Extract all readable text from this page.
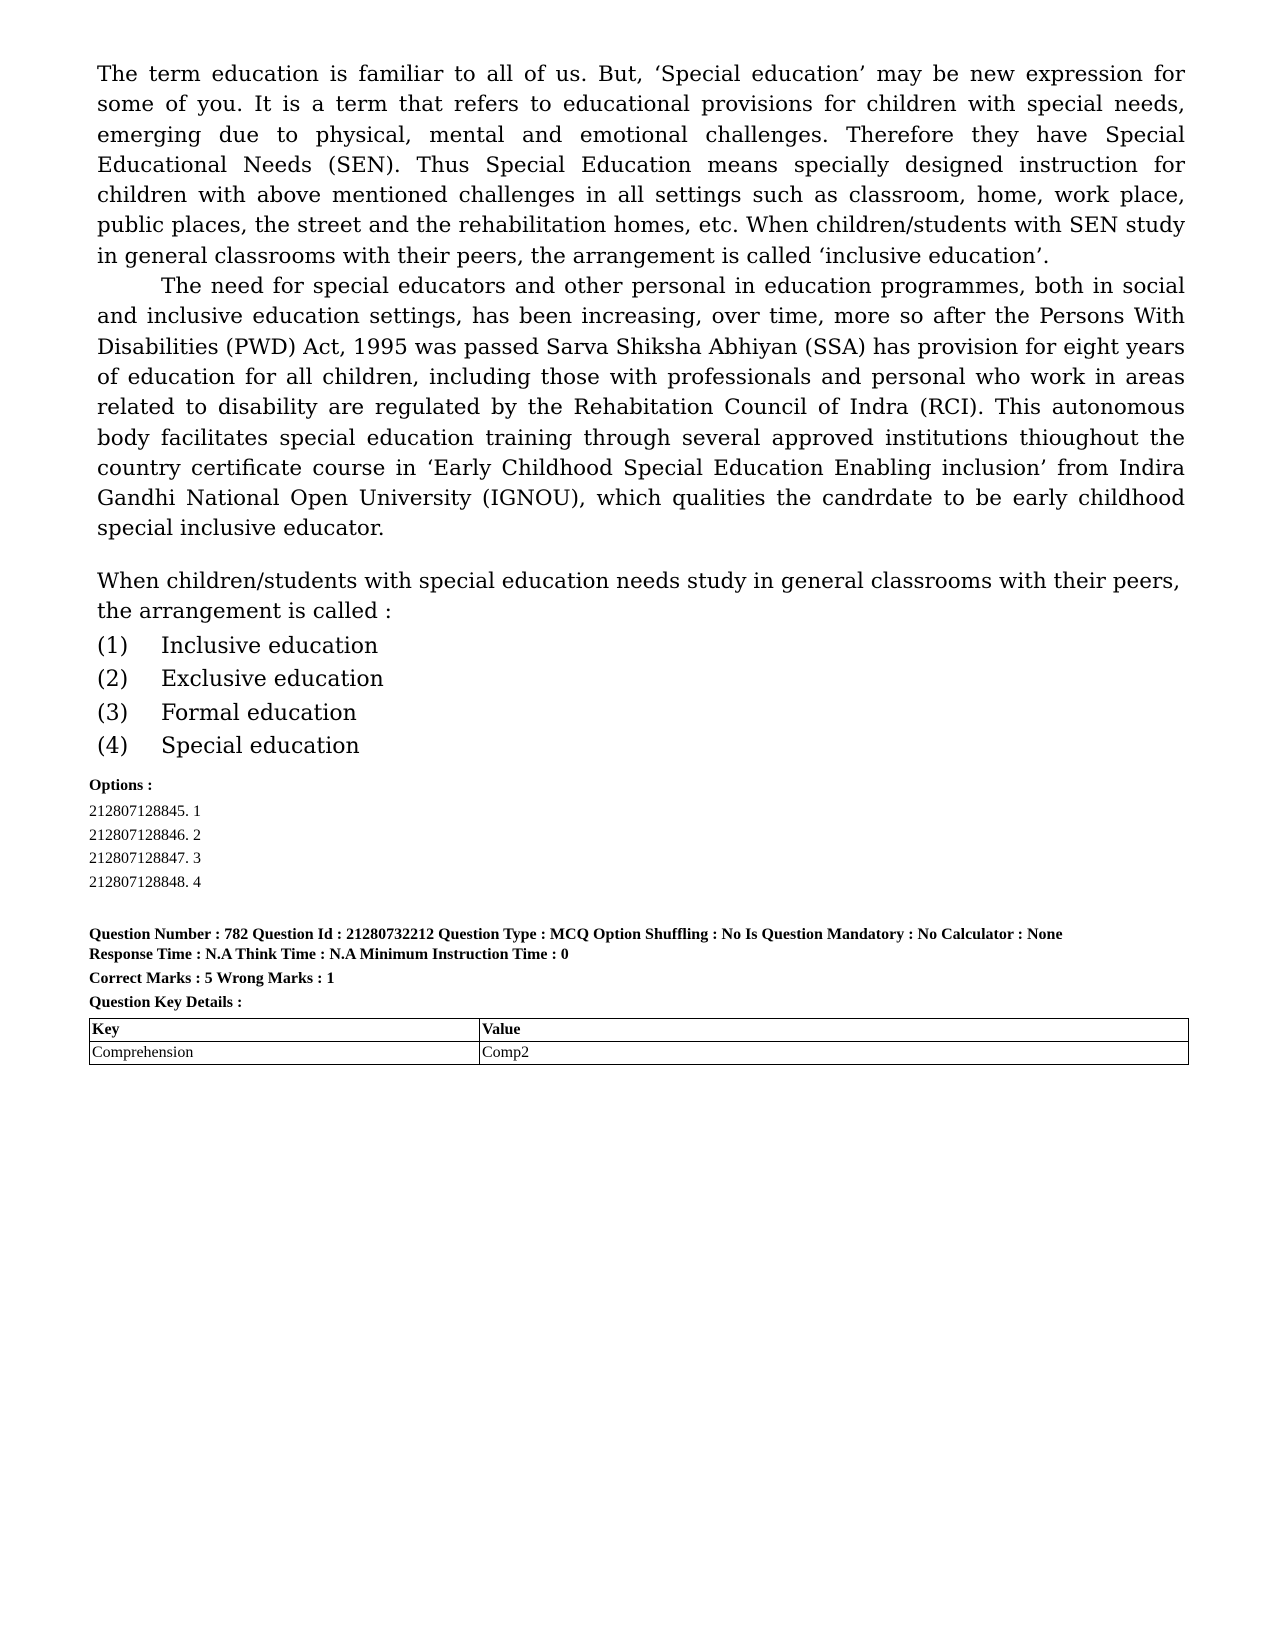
The term education is familiar to all of us. But, ‘Special education’ may be new expression for some of you. It is a term that refers to educational provisions for children with special needs, emerging due to physical, mental and emotional challenges. Therefore they have Special Educational Needs (SEN). Thus Special Education means specially designed instruction for children with above mentioned challenges in all settings such as classroom, home, work place, public places, the street and the rehabilitation homes, etc. When children/students with SEN study in general classrooms with their peers, the arrangement is called ‘inclusive education’.

The need for special educators and other personal in education programmes, both in social and inclusive education settings, has been increasing, over time, more so after the Persons With Disabilities (PWD) Act, 1995 was passed Sarva Shiksha Abhiyan (SSA) has provision for eight years of education for all children, including those with professionals and personal who work in areas related to disability are regulated by the Rehabitation Council of Indra (RCI). This autonomous body facilitates special education training through several approved institutions thioughout the country certificate course in ‘Early Childhood Special Education Enabling inclusion’ from Indira Gandhi National Open University (IGNOU), which qualities the candrdate to be early childhood special inclusive educator.

When children/students with special education needs study in general classrooms with their peers, the arrangement is called :

(1)	Inclusive education
(2)	Exclusive education
(3)	Formal education
(4)	Special education
Options :
212807128845. 1
212807128846. 2
212807128847. 3
212807128848. 4
Question Number : 782 Question Id : 21280732212 Question Type : MCQ Option Shuffling : No Is Question Mandatory : No Calculator : None
Response Time : N.A Think Time : N.A Minimum Instruction Time : 0
Correct Marks : 5 Wrong Marks : 1
Question Key Details :
Key	Value
Comprehension	Comp2
